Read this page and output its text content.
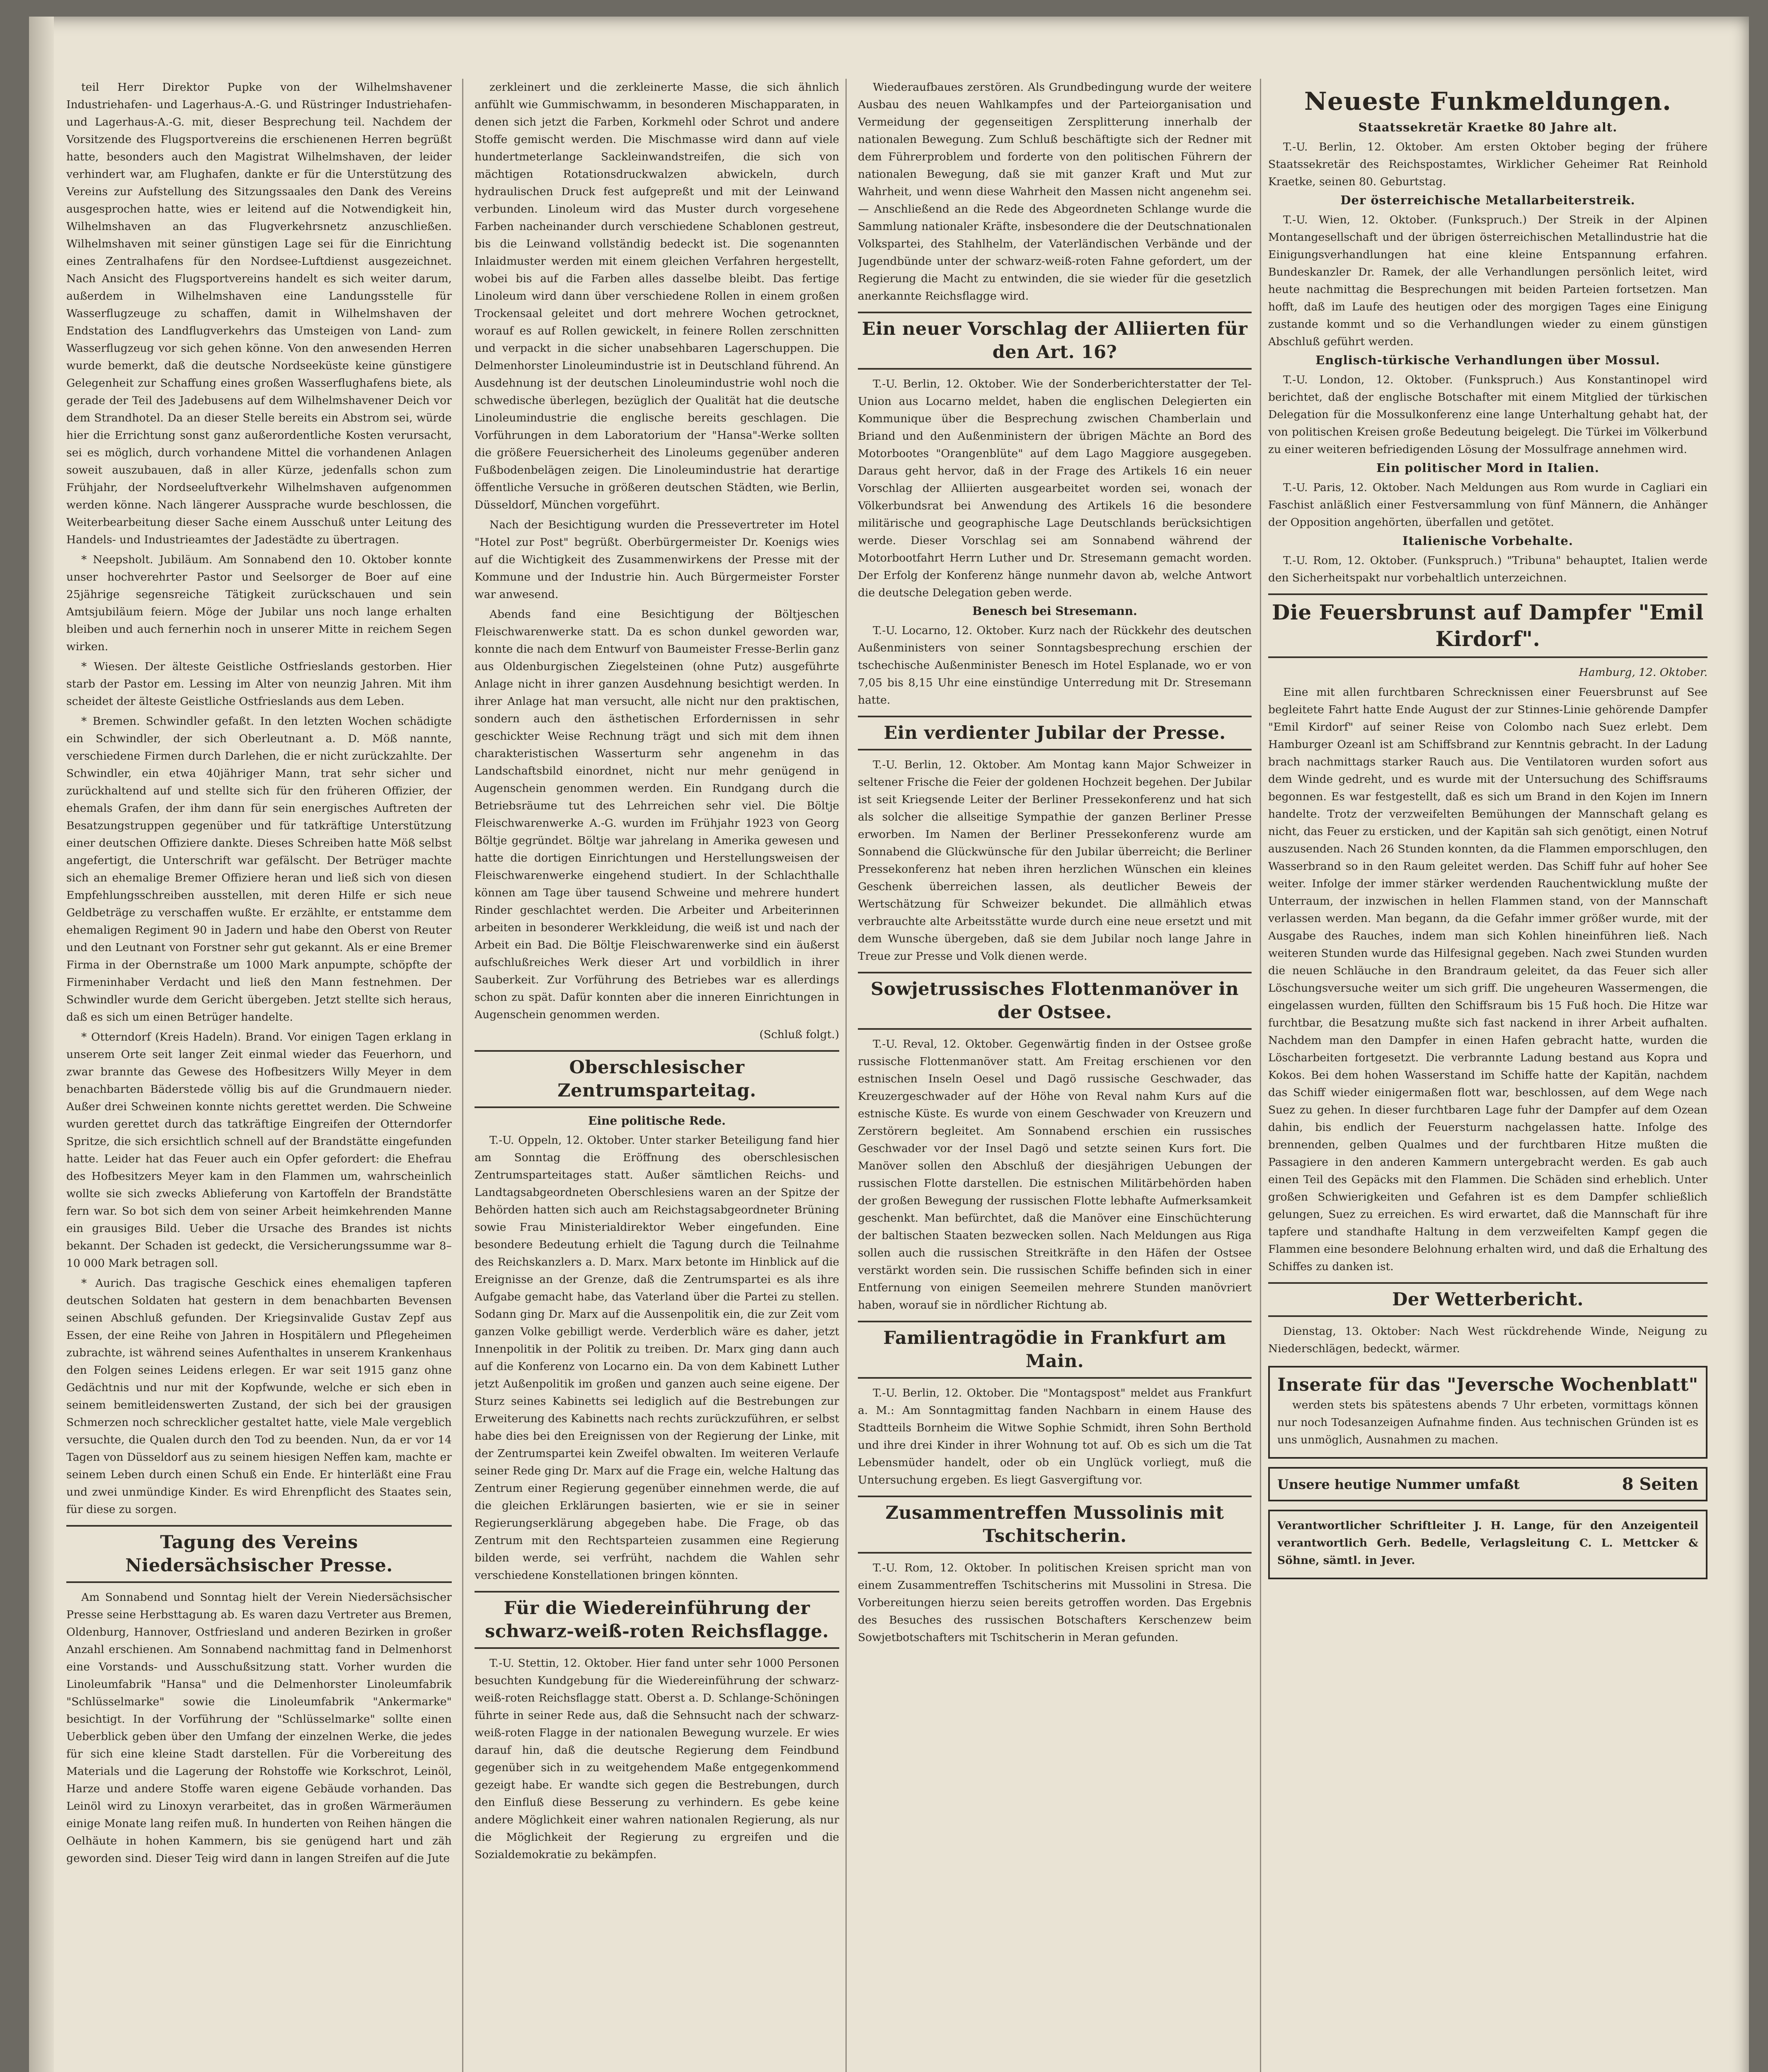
teil Herr Direktor Pupke von der Wilhelmshavener Industriehafen- und Lagerhaus-A.-G. und Rüstringer Industriehafen- und Lagerhaus-A.-G. mit, dieser Besprechung teil. Nachdem der Vorsitzende des Flugsportvereins die erschienenen Herren begrüßt hatte, besonders auch den Magistrat Wilhelmshaven, der leider verhindert war, am Flughafen, dankte er für die Unterstützung des Vereins zur Aufstellung des Sitzungssaales den Dank des Vereins ausgesprochen hatte, wies er leitend auf die Notwendigkeit hin, Wilhelmshaven an das Flugverkehrsnetz anzuschließen. Wilhelmshaven mit seiner günstigen Lage sei für die Einrichtung eines Zentralhafens für den Nordsee-Luftdienst ausgezeichnet. Nach Ansicht des Flugsportvereins handelt es sich weiter darum, außerdem in Wilhelmshaven eine Landungsstelle für Wasserflugzeuge zu schaffen, damit in Wilhelmshaven der Endstation des Landflugverkehrs das Umsteigen von Land- zum Wasserflugzeug vor sich gehen könne. Von den anwesenden Herren wurde bemerkt, daß die deutsche Nordseeküste keine günstigere Gelegenheit zur Schaffung eines großen Wasserflughafens biete, als gerade der Teil des Jadebusens auf dem Wilhelmshavener Deich vor dem Strandhotel. Da an dieser Stelle bereits ein Abstrom sei, würde hier die Errichtung sonst ganz außerordentliche Kosten verursacht, sei es möglich, durch vorhandene Mittel die vorhandenen Anlagen soweit auszubauen, daß in aller Kürze, jedenfalls schon zum Frühjahr, der Nordseeluftverkehr Wilhelmshaven aufgenommen werden könne. Nach längerer Aussprache wurde beschlossen, die Weiterbearbeitung dieser Sache einem Ausschuß unter Leitung des Handels- und Industrieamtes der Jadestädte zu übertragen.

* Neepsholt. Jubiläum. Am Sonnabend den 10. Oktober konnte unser hochverehrter Pastor und Seelsorger de Boer auf eine 25jährige segensreiche Tätigkeit zurückschauen und sein Amtsjubiläum feiern. Möge der Jubilar uns noch lange erhalten bleiben und auch fernerhin noch in unserer Mitte in reichem Segen wirken.

* Wiesen. Der älteste Geistliche Ostfrieslands gestorben. Hier starb der Pastor em. Lessing im Alter von neunzig Jahren. Mit ihm scheidet der älteste Geistliche Ostfrieslands aus dem Leben.

* Bremen. Schwindler gefaßt. In den letzten Wochen schädigte ein Schwindler, der sich Oberleutnant a. D. Möß nannte, verschiedene Firmen durch Darlehen, die er nicht zurückzahlte. Der Schwindler, ein etwa 40jähriger Mann, trat sehr sicher und zurückhaltend auf und stellte sich für den früheren Offizier, der ehemals Grafen, der ihm dann für sein energisches Auftreten der Besatzungstruppen gegenüber und für tatkräftige Unterstützung einer deutschen Offiziere dankte. Dieses Schreiben hatte Möß selbst angefertigt, die Unterschrift war gefälscht. Der Betrüger machte sich an ehemalige Bremer Offiziere heran und ließ sich von diesen Empfehlungsschreiben ausstellen, mit deren Hilfe er sich neue Geldbeträge zu verschaffen wußte. Er erzählte, er entstamme dem ehemaligen Regiment 90 in Jadern und habe den Oberst von Reuter und den Leutnant von Forstner sehr gut gekannt. Als er eine Bremer Firma in der Obernstraße um 1000 Mark anpumpte, schöpfte der Firmeninhaber Verdacht und ließ den Mann festnehmen. Der Schwindler wurde dem Gericht übergeben. Jetzt stellte sich heraus, daß es sich um einen Betrüger handelte.

* Otterndorf (Kreis Hadeln). Brand. Vor einigen Tagen erklang in unserem Orte seit langer Zeit einmal wieder das Feuerhorn, und zwar brannte das Gewese des Hofbesitzers Willy Meyer in dem benachbarten Bäderstede völlig bis auf die Grundmauern nieder. Außer drei Schweinen konnte nichts gerettet werden. Die Schweine wurden gerettet durch das tatkräftige Eingreifen der Otterndorfer Spritze, die sich ersichtlich schnell auf der Brandstätte eingefunden hatte. Leider hat das Feuer auch ein Opfer gefordert: die Ehefrau des Hofbesitzers Meyer kam in den Flammen um, wahrscheinlich wollte sie sich zwecks Ablieferung von Kartoffeln der Brandstätte fern war. So bot sich dem von seiner Arbeit heimkehrenden Manne ein grausiges Bild. Ueber die Ursache des Brandes ist nichts bekannt. Der Schaden ist gedeckt, die Versicherungssumme war 8–10 000 Mark betragen soll.

* Aurich. Das tragische Geschick eines ehemaligen tapferen deutschen Soldaten hat gestern in dem benachbarten Bevensen seinen Abschluß gefunden. Der Kriegsinvalide Gustav Zepf aus Essen, der eine Reihe von Jahren in Hospitälern und Pflegeheimen zubrachte, ist während seines Aufenthaltes in unserem Krankenhaus den Folgen seines Leidens erlegen. Er war seit 1915 ganz ohne Gedächtnis und nur mit der Kopfwunde, welche er sich eben in seinem bemitleidenswerten Zustand, der sich bei der grausigen Schmerzen noch schrecklicher gestaltet hatte, viele Male vergeblich versuchte, die Qualen durch den Tod zu beenden. Nun, da er vor 14 Tagen von Düsseldorf aus zu seinem hiesigen Neffen kam, machte er seinem Leben durch einen Schuß ein Ende. Er hinterläßt eine Frau und zwei unmündige Kinder. Es wird Ehrenpflicht des Staates sein, für diese zu sorgen.

Tagung des Vereins Niedersächsischer Presse.

Am Sonnabend und Sonntag hielt der Verein Niedersächsischer Presse seine Herbsttagung ab. Es waren dazu Vertreter aus Bremen, Oldenburg, Hannover, Ostfriesland und anderen Bezirken in großer Anzahl erschienen. Am Sonnabend nachmittag fand in Delmenhorst eine Vorstands- und Ausschußsitzung statt. Vorher wurden die Linoleumfabrik "Hansa" und die Delmenhorster Linoleumfabrik "Schlüsselmarke" sowie die Linoleumfabrik "Ankermarke" besichtigt. In der Vorführung der "Schlüsselmarke" sollte einen Ueberblick geben über den Umfang der einzelnen Werke, die jedes für sich eine kleine Stadt darstellen. Für die Vorbereitung des Materials und die Lagerung der Rohstoffe wie Korkschrot, Leinöl, Harze und andere Stoffe waren eigene Gebäude vorhanden. Das Leinöl wird zu Linoxyn verarbeitet, das in großen Wärmeräumen einige Monate lang reifen muß. In hunderten von Reihen hängen die Oelhäute in hohen Kammern, bis sie genügend hart und zäh geworden sind. Dieser Teig wird dann in langen Streifen auf die Jute

zerkleinert und die zerkleinerte Masse, die sich ähnlich anfühlt wie Gummischwamm, in besonderen Mischapparaten, in denen sich jetzt die Farben, Korkmehl oder Schrot und andere Stoffe gemischt werden. Die Mischmasse wird dann auf viele hundertmeterlange Sackleinwandstreifen, die sich von mächtigen Rotationsdruckwalzen abwickeln, durch hydraulischen Druck fest aufgepreßt und mit der Leinwand verbunden. Linoleum wird das Muster durch vorgesehene Farben nacheinander durch verschiedene Schablonen gestreut, bis die Leinwand vollständig bedeckt ist. Die sogenannten Inlaidmuster werden mit einem gleichen Verfahren hergestellt, wobei bis auf die Farben alles dasselbe bleibt. Das fertige Linoleum wird dann über verschiedene Rollen in einem großen Trockensaal geleitet und dort mehrere Wochen getrocknet, worauf es auf Rollen gewickelt, in feinere Rollen zerschnitten und verpackt in die sicher unabsehbaren Lagerschuppen. Die Delmenhorster Linoleumindustrie ist in Deutschland führend. An Ausdehnung ist der deutschen Linoleumindustrie wohl noch die schwedische überlegen, bezüglich der Qualität hat die deutsche Linoleumindustrie die englische bereits geschlagen. Die Vorführungen in dem Laboratorium der "Hansa"-Werke sollten die größere Feuersicherheit des Linoleums gegenüber anderen Fußbodenbelägen zeigen. Die Linoleumindustrie hat derartige öffentliche Versuche in größeren deutschen Städten, wie Berlin, Düsseldorf, München vorgeführt.

Nach der Besichtigung wurden die Pressevertreter im Hotel "Hotel zur Post" begrüßt. Oberbürgermeister Dr. Koenigs wies auf die Wichtigkeit des Zusammenwirkens der Presse mit der Kommune und der Industrie hin. Auch Bürgermeister Forster war anwesend.

Abends fand eine Besichtigung der Böltjeschen Fleischwarenwerke statt. Da es schon dunkel geworden war, konnte die nach dem Entwurf von Baumeister Fresse-Berlin ganz aus Oldenburgischen Ziegelsteinen (ohne Putz) ausgeführte Anlage nicht in ihrer ganzen Ausdehnung besichtigt werden. In ihrer Anlage hat man versucht, alle nicht nur den praktischen, sondern auch den ästhetischen Erfordernissen in sehr geschickter Weise Rechnung trägt und sich mit dem ihnen charakteristischen Wasserturm sehr angenehm in das Landschaftsbild einordnet, nicht nur mehr genügend in Augenschein genommen werden. Ein Rundgang durch die Betriebsräume tut des Lehrreichen sehr viel. Die Böltje Fleischwarenwerke A.-G. wurden im Frühjahr 1923 von Georg Böltje gegründet. Böltje war jahrelang in Amerika gewesen und hatte die dortigen Einrichtungen und Herstellungsweisen der Fleischwarenwerke eingehend studiert. In der Schlachthalle können am Tage über tausend Schweine und mehrere hundert Rinder geschlachtet werden. Die Arbeiter und Arbeiterinnen arbeiten in besonderer Werkkleidung, die weiß ist und nach der Arbeit ein Bad. Die Böltje Fleischwarenwerke sind ein äußerst aufschlußreiches Werk dieser Art und vorbildlich in ihrer Sauberkeit. Zur Vorführung des Betriebes war es allerdings schon zu spät. Dafür konnten aber die inneren Einrichtungen in Augenschein genommen werden.

(Schluß folgt.)

Oberschlesischer Zentrumsparteitag.

Eine politische Rede.

T.-U. Oppeln, 12. Oktober. Unter starker Beteiligung fand hier am Sonntag die Eröffnung des oberschlesischen Zentrumsparteitages statt. Außer sämtlichen Reichs- und Landtagsabgeordneten Oberschlesiens waren an der Spitze der Behörden hatten sich auch am Reichstagsabgeordneter Brüning sowie Frau Ministerialdirektor Weber eingefunden. Eine besondere Bedeutung erhielt die Tagung durch die Teilnahme des Reichskanzlers a. D. Marx. Marx betonte im Hinblick auf die Ereignisse an der Grenze, daß die Zentrumspartei es als ihre Aufgabe gemacht habe, das Vaterland über die Partei zu stellen. Sodann ging Dr. Marx auf die Aussenpolitik ein, die zur Zeit vom ganzen Volke gebilligt werde. Verderblich wäre es daher, jetzt Innenpolitik in der Politik zu treiben. Dr. Marx ging dann auch auf die Konferenz von Locarno ein. Da von dem Kabinett Luther jetzt Außenpolitik im großen und ganzen auch seine eigene. Der Sturz seines Kabinetts sei lediglich auf die Bestrebungen zur Erweiterung des Kabinetts nach rechts zurückzuführen, er selbst habe dies bei den Ereignissen von der Regierung der Linke, mit der Zentrumspartei kein Zweifel obwalten. Im weiteren Verlaufe seiner Rede ging Dr. Marx auf die Frage ein, welche Haltung das Zentrum einer Regierung gegenüber einnehmen werde, die auf die gleichen Erklärungen basierten, wie er sie in seiner Regierungserklärung abgegeben habe. Die Frage, ob das Zentrum mit den Rechtsparteien zusammen eine Regierung bilden werde, sei verfrüht, nachdem die Wahlen sehr verschiedene Konstellationen bringen könnten.

Für die Wiedereinführung der schwarz-weiß-roten Reichsflagge.

T.-U. Stettin, 12. Oktober. Hier fand unter sehr 1000 Personen besuchten Kundgebung für die Wiedereinführung der schwarz-weiß-roten Reichsflagge statt. Oberst a. D. Schlange-Schöningen führte in seiner Rede aus, daß die Sehnsucht nach der schwarz-weiß-roten Flagge in der nationalen Bewegung wurzele. Er wies darauf hin, daß die deutsche Regierung dem Feindbund gegenüber sich in zu weitgehendem Maße entgegenkommend gezeigt habe. Er wandte sich gegen die Bestrebungen, durch den Einfluß diese Besserung zu verhindern. Es gebe keine andere Möglichkeit einer wahren nationalen Regierung, als nur die Möglichkeit der Regierung zu ergreifen und die Sozialdemokratie zu bekämpfen.

Wiederaufbaues zerstören. Als Grundbedingung wurde der weitere Ausbau des neuen Wahlkampfes und der Parteiorganisation und Vermeidung der gegenseitigen Zersplitterung innerhalb der nationalen Bewegung. Zum Schluß beschäftigte sich der Redner mit dem Führerproblem und forderte von den politischen Führern der nationalen Bewegung, daß sie mit ganzer Kraft und Mut zur Wahrheit, und wenn diese Wahrheit den Massen nicht angenehm sei. — Anschließend an die Rede des Abgeordneten Schlange wurde die Sammlung nationaler Kräfte, insbesondere die der Deutschnationalen Volkspartei, des Stahlhelm, der Vaterländischen Verbände und der Jugendbünde unter der schwarz-weiß-roten Fahne gefordert, um der Regierung die Macht zu entwinden, die sie wieder für die gesetzlich anerkannte Reichsflagge wird.

Ein neuer Vorschlag der Alliierten für den Art. 16?

T.-U. Berlin, 12. Oktober. Wie der Sonderberichterstatter der Tel-Union aus Locarno meldet, haben die englischen Delegierten ein Kommunique über die Besprechung zwischen Chamberlain und Briand und den Außenministern der übrigen Mächte an Bord des Motorbootes "Orangenblüte" auf dem Lago Maggiore ausgegeben. Daraus geht hervor, daß in der Frage des Artikels 16 ein neuer Vorschlag der Alliierten ausgearbeitet worden sei, wonach der Völkerbundsrat bei Anwendung des Artikels 16 die besondere militärische und geographische Lage Deutschlands berücksichtigen werde. Dieser Vorschlag sei am Sonnabend während der Motorbootfahrt Herrn Luther und Dr. Stresemann gemacht worden. Der Erfolg der Konferenz hänge nunmehr davon ab, welche Antwort die deutsche Delegation geben werde.

Benesch bei Stresemann.

T.-U. Locarno, 12. Oktober. Kurz nach der Rückkehr des deutschen Außenministers von seiner Sonntagsbesprechung erschien der tschechische Außenminister Benesch im Hotel Esplanade, wo er von 7,05 bis 8,15 Uhr eine einstündige Unterredung mit Dr. Stresemann hatte.

Ein verdienter Jubilar der Presse.

T.-U. Berlin, 12. Oktober. Am Montag kann Major Schweizer in seltener Frische die Feier der goldenen Hochzeit begehen. Der Jubilar ist seit Kriegsende Leiter der Berliner Pressekonferenz und hat sich als solcher die allseitige Sympathie der ganzen Berliner Presse erworben. Im Namen der Berliner Pressekonferenz wurde am Sonnabend die Glückwünsche für den Jubilar überreicht; die Berliner Pressekonferenz hat neben ihren herzlichen Wünschen ein kleines Geschenk überreichen lassen, als deutlicher Beweis der Wertschätzung für Schweizer bekundet. Die allmählich etwas verbrauchte alte Arbeitsstätte wurde durch eine neue ersetzt und mit dem Wunsche übergeben, daß sie dem Jubilar noch lange Jahre in Treue zur Presse und Volk dienen werde.

Sowjetrussisches Flottenmanöver in der Ostsee.

T.-U. Reval, 12. Oktober. Gegenwärtig finden in der Ostsee große russische Flottenmanöver statt. Am Freitag erschienen vor den estnischen Inseln Oesel und Dagö russische Geschwader, das Kreuzergeschwader auf der Höhe von Reval nahm Kurs auf die estnische Küste. Es wurde von einem Geschwader von Kreuzern und Zerstörern begleitet. Am Sonnabend erschien ein russisches Geschwader vor der Insel Dagö und setzte seinen Kurs fort. Die Manöver sollen den Abschluß der diesjährigen Uebungen der russischen Flotte darstellen. Die estnischen Militärbehörden haben der großen Bewegung der russischen Flotte lebhafte Aufmerksamkeit geschenkt. Man befürchtet, daß die Manöver eine Einschüchterung der baltischen Staaten bezwecken sollen. Nach Meldungen aus Riga sollen auch die russischen Streitkräfte in den Häfen der Ostsee verstärkt worden sein. Die russischen Schiffe befinden sich in einer Entfernung von einigen Seemeilen mehrere Stunden manövriert haben, worauf sie in nördlicher Richtung ab.

Familientragödie in Frankfurt am Main.

T.-U. Berlin, 12. Oktober. Die "Montagspost" meldet aus Frankfurt a. M.: Am Sonntagmittag fanden Nachbarn in einem Hause des Stadtteils Bornheim die Witwe Sophie Schmidt, ihren Sohn Berthold und ihre drei Kinder in ihrer Wohnung tot auf. Ob es sich um die Tat Lebensmüder handelt, oder ob ein Unglück vorliegt, muß die Untersuchung ergeben. Es liegt Gasvergiftung vor.

Zusammentreffen Mussolinis mit Tschitscherin.

T.-U. Rom, 12. Oktober. In politischen Kreisen spricht man von einem Zusammentreffen Tschitscherins mit Mussolini in Stresa. Die Vorbereitungen hierzu seien bereits getroffen worden. Das Ergebnis des Besuches des russischen Botschafters Kerschenzew beim Sowjetbotschafters mit Tschitscherin in Meran gefunden.

Neueste Funkmeldungen.

Staatssekretär Kraetke 80 Jahre alt.

T.-U. Berlin, 12. Oktober. Am ersten Oktober beging der frühere Staatssekretär des Reichspostamtes, Wirklicher Geheimer Rat Reinhold Kraetke, seinen 80. Geburtstag.

Der österreichische Metallarbeiterstreik.

T.-U. Wien, 12. Oktober. (Funkspruch.) Der Streik in der Alpinen Montangesellschaft und der übrigen österreichischen Metallindustrie hat die Einigungsverhandlungen hat eine kleine Entspannung erfahren. Bundeskanzler Dr. Ramek, der alle Verhandlungen persönlich leitet, wird heute nachmittag die Besprechungen mit beiden Parteien fortsetzen. Man hofft, daß im Laufe des heutigen oder des morgigen Tages eine Einigung zustande kommt und so die Verhandlungen wieder zu einem günstigen Abschluß geführt werden.

Englisch-türkische Verhandlungen über Mossul.

T.-U. London, 12. Oktober. (Funkspruch.) Aus Konstantinopel wird berichtet, daß der englische Botschafter mit einem Mitglied der türkischen Delegation für die Mossulkonferenz eine lange Unterhaltung gehabt hat, der von politischen Kreisen große Bedeutung beigelegt. Die Türkei im Völkerbund zu einer weiteren befriedigenden Lösung der Mossulfrage annehmen wird.

Ein politischer Mord in Italien.

T.-U. Paris, 12. Oktober. Nach Meldungen aus Rom wurde in Cagliari ein Faschist anläßlich einer Festversammlung von fünf Männern, die Anhänger der Opposition angehörten, überfallen und getötet.

Italienische Vorbehalte.

T.-U. Rom, 12. Oktober. (Funkspruch.) "Tribuna" behauptet, Italien werde den Sicherheitspakt nur vorbehaltlich unterzeichnen.

Die Feuersbrunst auf Dampfer "Emil Kirdorf".

Hamburg, 12. Oktober.

Eine mit allen furchtbaren Schrecknissen einer Feuersbrunst auf See begleitete Fahrt hatte Ende August der zur Stinnes-Linie gehörende Dampfer "Emil Kirdorf" auf seiner Reise von Colombo nach Suez erlebt. Dem Hamburger Ozeanl ist am Schiffsbrand zur Kenntnis gebracht. In der Ladung brach nachmittags starker Rauch aus. Die Ventilatoren wurden sofort aus dem Winde gedreht, und es wurde mit der Untersuchung des Schiffsraums begonnen. Es war festgestellt, daß es sich um Brand in den Kojen im Innern handelte. Trotz der verzweifelten Bemühungen der Mannschaft gelang es nicht, das Feuer zu ersticken, und der Kapitän sah sich genötigt, einen Notruf auszusenden. Nach 26 Stunden konnten, da die Flammen emporschlugen, den Wasserbrand so in den Raum geleitet werden. Das Schiff fuhr auf hoher See weiter. Infolge der immer stärker werdenden Rauchentwicklung mußte der Unterraum, der inzwischen in hellen Flammen stand, von der Mannschaft verlassen werden. Man begann, da die Gefahr immer größer wurde, mit der Ausgabe des Rauches, indem man sich Kohlen hineinführen ließ. Nach weiteren Stunden wurde das Hilfesignal gegeben. Nach zwei Stunden wurden die neuen Schläuche in den Brandraum geleitet, da das Feuer sich aller Löschungsversuche weiter um sich griff. Die ungeheuren Wassermengen, die eingelassen wurden, füllten den Schiffsraum bis 15 Fuß hoch. Die Hitze war furchtbar, die Besatzung mußte sich fast nackend in ihrer Arbeit aufhalten. Nachdem man den Dampfer in einen Hafen gebracht hatte, wurden die Löscharbeiten fortgesetzt. Die verbrannte Ladung bestand aus Kopra und Kokos. Bei dem hohen Wasserstand im Schiffe hatte der Kapitän, nachdem das Schiff wieder einigermaßen flott war, beschlossen, auf dem Wege nach Suez zu gehen. In dieser furchtbaren Lage fuhr der Dampfer auf dem Ozean dahin, bis endlich der Feuersturm nachgelassen hatte. Infolge des brennenden, gelben Qualmes und der furchtbaren Hitze mußten die Passagiere in den anderen Kammern untergebracht werden. Es gab auch einen Teil des Gepäcks mit den Flammen. Die Schäden sind erheblich. Unter großen Schwierigkeiten und Gefahren ist es dem Dampfer schließlich gelungen, Suez zu erreichen. Es wird erwartet, daß die Mannschaft für ihre tapfere und standhafte Haltung in dem verzweifelten Kampf gegen die Flammen eine besondere Belohnung erhalten wird, und daß die Erhaltung des Schiffes zu danken ist.

Der Wetterbericht.

Dienstag, 13. Oktober: Nach West rückdrehende Winde, Neigung zu Niederschlägen, bedeckt, wärmer.

Inserate für das "Jeversche Wochenblatt"

werden stets bis spätestens abends 7 Uhr erbeten, vormittags können nur noch Todesanzeigen Aufnahme finden. Aus technischen Gründen ist es uns unmöglich, Ausnahmen zu machen.

Unsere heutige Nummer umfaßt	8 Seiten

Verantwortlicher Schriftleiter J. H. Lange, für den Anzeigenteil verantwortlich Gerh. Bedelle, Verlagsleitung C. L. Mettcker & Söhne, sämtl. in Jever.
